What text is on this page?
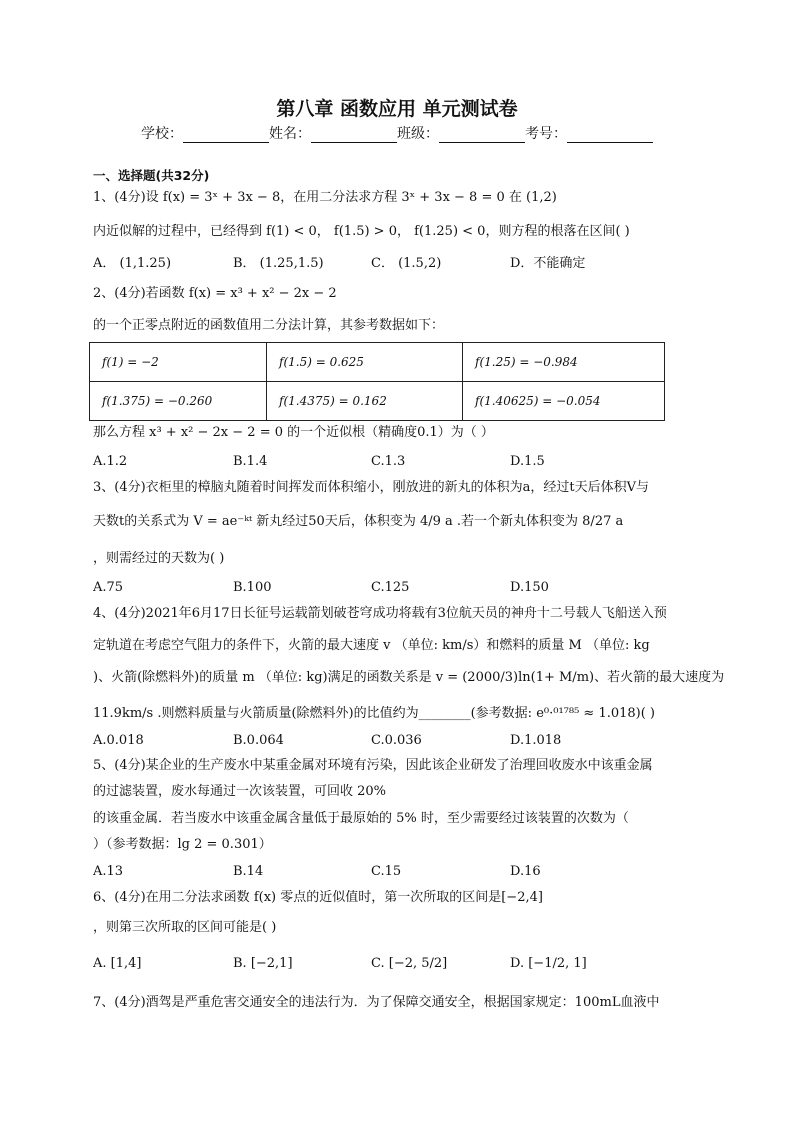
第八章 函数应用 单元测试卷
学校：	姓名：	班级：	考号：
一、选择题(共32分)
1、(4分)设 f(x) = 3ˣ + 3x − 8，在用二分法求方程 3ˣ + 3x − 8 = 0 在 (1,2)
内近似解的过程中，已经得到 f(1) < 0， f(1.5) > 0， f(1.25) < 0，则方程的根落在区间( )
A． (1,1.25)	B． (1.25,1.5)	C． (1.5,2)	D．不能确定
2、(4分)若函数 f(x) = x³ + x² − 2x − 2
的一个正零点附近的函数值用二分法计算，其参考数据如下：
f(1) = −2	f(1.5) = 0.625	f(1.25) = −0.984
f(1.375) = −0.260	f(1.4375) = 0.162	f(1.40625) = −0.054
那么方程 x³ + x² − 2x − 2 = 0 的一个近似根（精确度0.1）为（ ）
A.1.2	B.1.4	C.1.3	D.1.5
3、(4分)衣柜里的樟脑丸随着时间挥发而体积缩小，刚放进的新丸的体积为a，经过t天后体积V与
天数t的关系式为 V = ae⁻ᵏᵗ 新丸经过50天后，体积变为 4/9 a .若一个新丸体积变为 8/27 a
，则需经过的天数为( )
A.75	B.100	C.125	D.150
4、(4分)2021年6月17日长征号运载箭划破苍穹成功将载有3位航天员的神舟十二号载人飞船送入预
定轨道在考虑空气阻力的条件下，火箭的最大速度 v （单位: km/s）和燃料的质量 M （单位: kg
)、火箭(除燃料外)的质量 m （单位: kg)满足的函数关系是 v = (2000/3)ln(1+ M/m)、若火箭的最大速度为
11.9km/s .则燃料质量与火箭质量(除燃料外)的比值约为________(参考数据: e⁰·⁰¹⁷⁸⁵ ≈ 1.018)( )
A.0.018	B.0.064	C.0.036	D.1.018
5、(4分)某企业的生产废水中某重金属对环境有污染，因此该企业研发了治理回收废水中该重金属
的过滤装置，废水每通过一次该装置，可回收 20%
的该重金属．若当废水中该重金属含量低于最原始的 5% 时，至少需要经过该装置的次数为（
）（参考数据：lg 2 = 0.301）
A.13	B.14	C.15	D.16
6、(4分)在用二分法求函数 f(x) 零点的近似值时，第一次所取的区间是[−2,4]
，则第三次所取的区间可能是( )
A. [1,4]	B. [−2,1]	C. [−2, 5/2]	D. [−1/2, 1]
7、(4分)酒驾是严重危害交通安全的违法行为．为了保障交通安全，根据国家规定：100mL血液中
